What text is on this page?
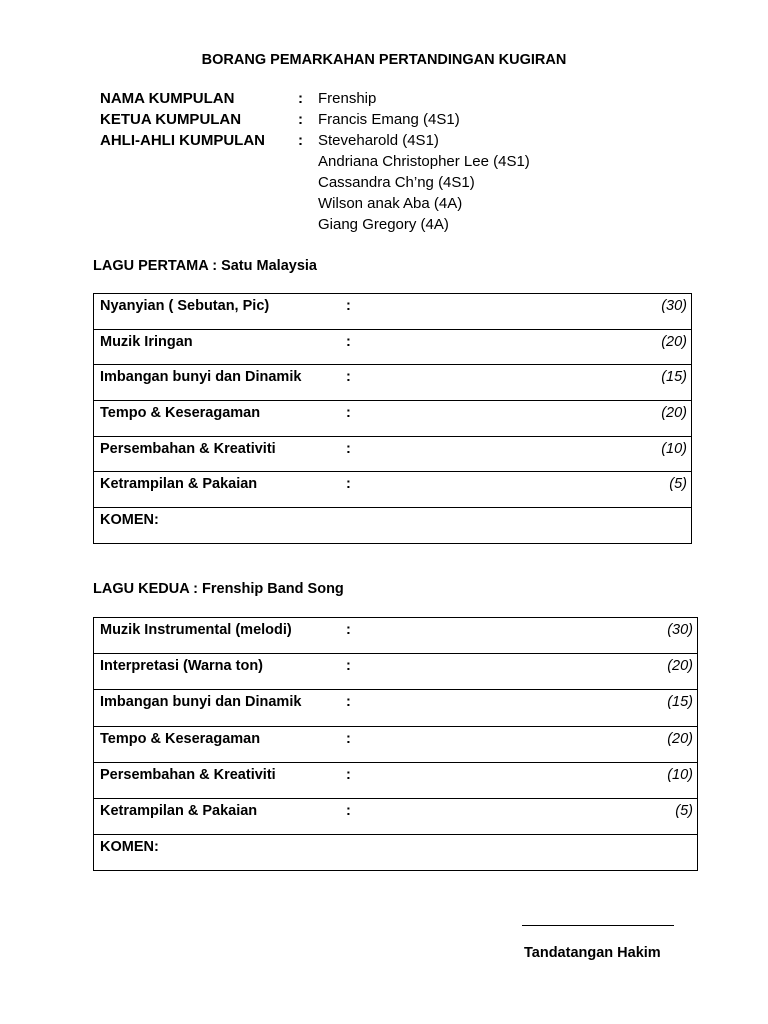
BORANG PEMARKAHAN PERTANDINGAN KUGIRAN
NAMA KUMPULAN	:	Frenship
KETUA KUMPULAN	:	Francis Emang (4S1)
AHLI-AHLI KUMPULAN	:	Steveharold (4S1)
Andriana Christopher Lee (4S1)
Cassandra Ch’ng (4S1)
Wilson anak Aba (4A)
Giang Gregory (4A)
LAGU PERTAMA : Satu Malaysia
Nyanyian ( Sebutan, Pic)	:		(30)
Muzik Iringan	:		(20)
Imbangan bunyi dan Dinamik	:		(15)
Tempo & Keseragaman	:		(20)
Persembahan & Kreativiti	:		(10)
Ketrampilan & Pakaian	:		(5)
KOMEN:			
LAGU KEDUA : Frenship Band Song
Muzik Instrumental (melodi)	:		(30)
Interpretasi (Warna ton)	:		(20)
Imbangan bunyi dan Dinamik	:		(15)
Tempo & Keseragaman	:		(20)
Persembahan & Kreativiti	:		(10)
Ketrampilan & Pakaian	:		(5)
KOMEN:			
Tandatangan Hakim
